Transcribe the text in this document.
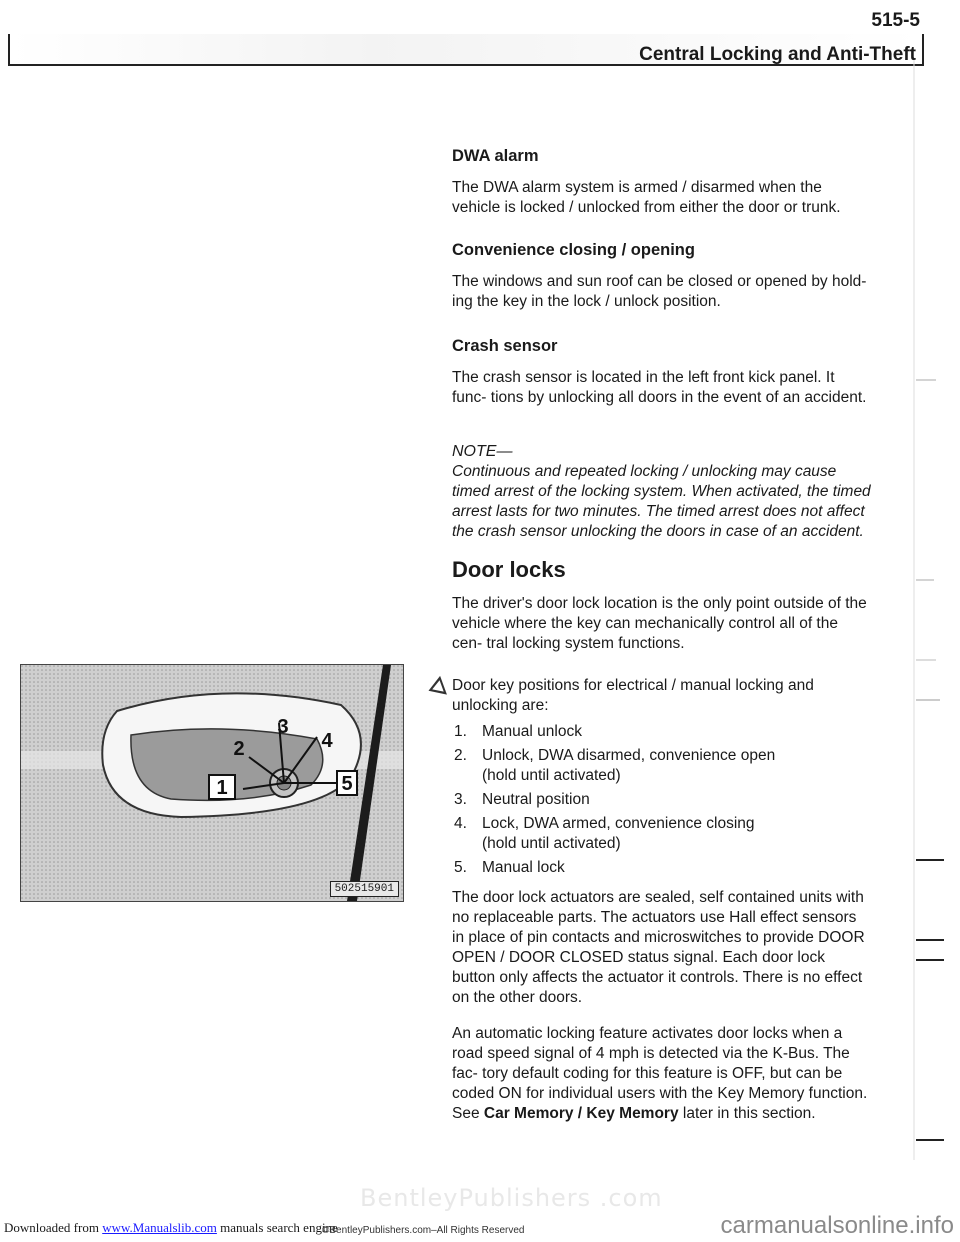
515-5
Central Locking and Anti-Theft
DWA alarm

The DWA alarm system is armed / disarmed when the vehicle is locked / unlocked from either the door or trunk.

Convenience closing / opening

The windows and sun roof can be closed or opened by hold- ing the key in the lock / unlock position.

Crash sensor

The crash sensor is located in the left front kick panel. It func- tions by unlocking all doors in the event of an accident.

NOTE—

Continuous and repeated locking / unlocking may cause timed arrest of the locking system. When activated, the timed arrest lasts for two minutes. The timed arrest does not affect the crash sensor unlocking the doors in case of an accident.

Door locks

The driver's door lock location is the only point outside of the vehicle where the key can mechanically control all of the cen- tral locking system functions.

Door key positions for electrical / manual locking and unlocking are:

1. Manual unlock
2. Unlock, DWA disarmed, convenience open
(hold until activated)
3. Neutral position
4. Lock, DWA armed, convenience closing
(hold until activated)
5. Manual lock

The door lock actuators are sealed, self contained units with no replaceable parts. The actuators use Hall effect sensors in place of pin contacts and microswitches to provide DOOR OPEN / DOOR CLOSED status signal. Each door lock button only affects the actuator it controls. There is no effect on the other doors.

An automatic locking feature activates door locks when a road speed signal of 4 mph is detected via the K-Bus. The fac- tory default coding for this feature is OFF, but can be coded ON for individual users with the Key Memory function. See Car Memory / Key Memory later in this section.

1
2
3
4
5
502515901
BentleyPublishers .com
Downloaded from www.Manualslib.com manuals search engine
©BentleyPublishers.com–All Rights Reserved	carmanualsonline.info
